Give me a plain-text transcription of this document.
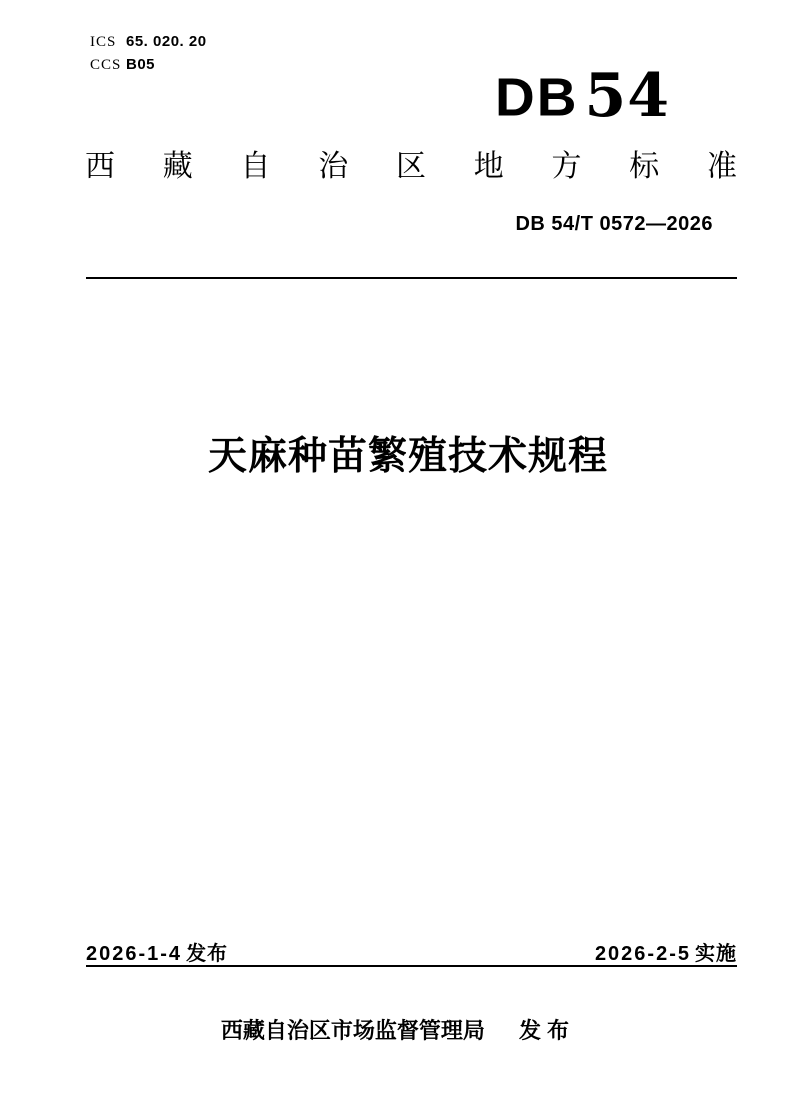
ICS 65. 020. 20
CCS B05
DB 54
西 藏 自 治 区 地 方 标 准
DB 54/T 0572—2026
天麻种苗繁殖技术规程
2026-1-4 发布	2026-2-5 实施
西藏自治区市场监督管理局 发 布
